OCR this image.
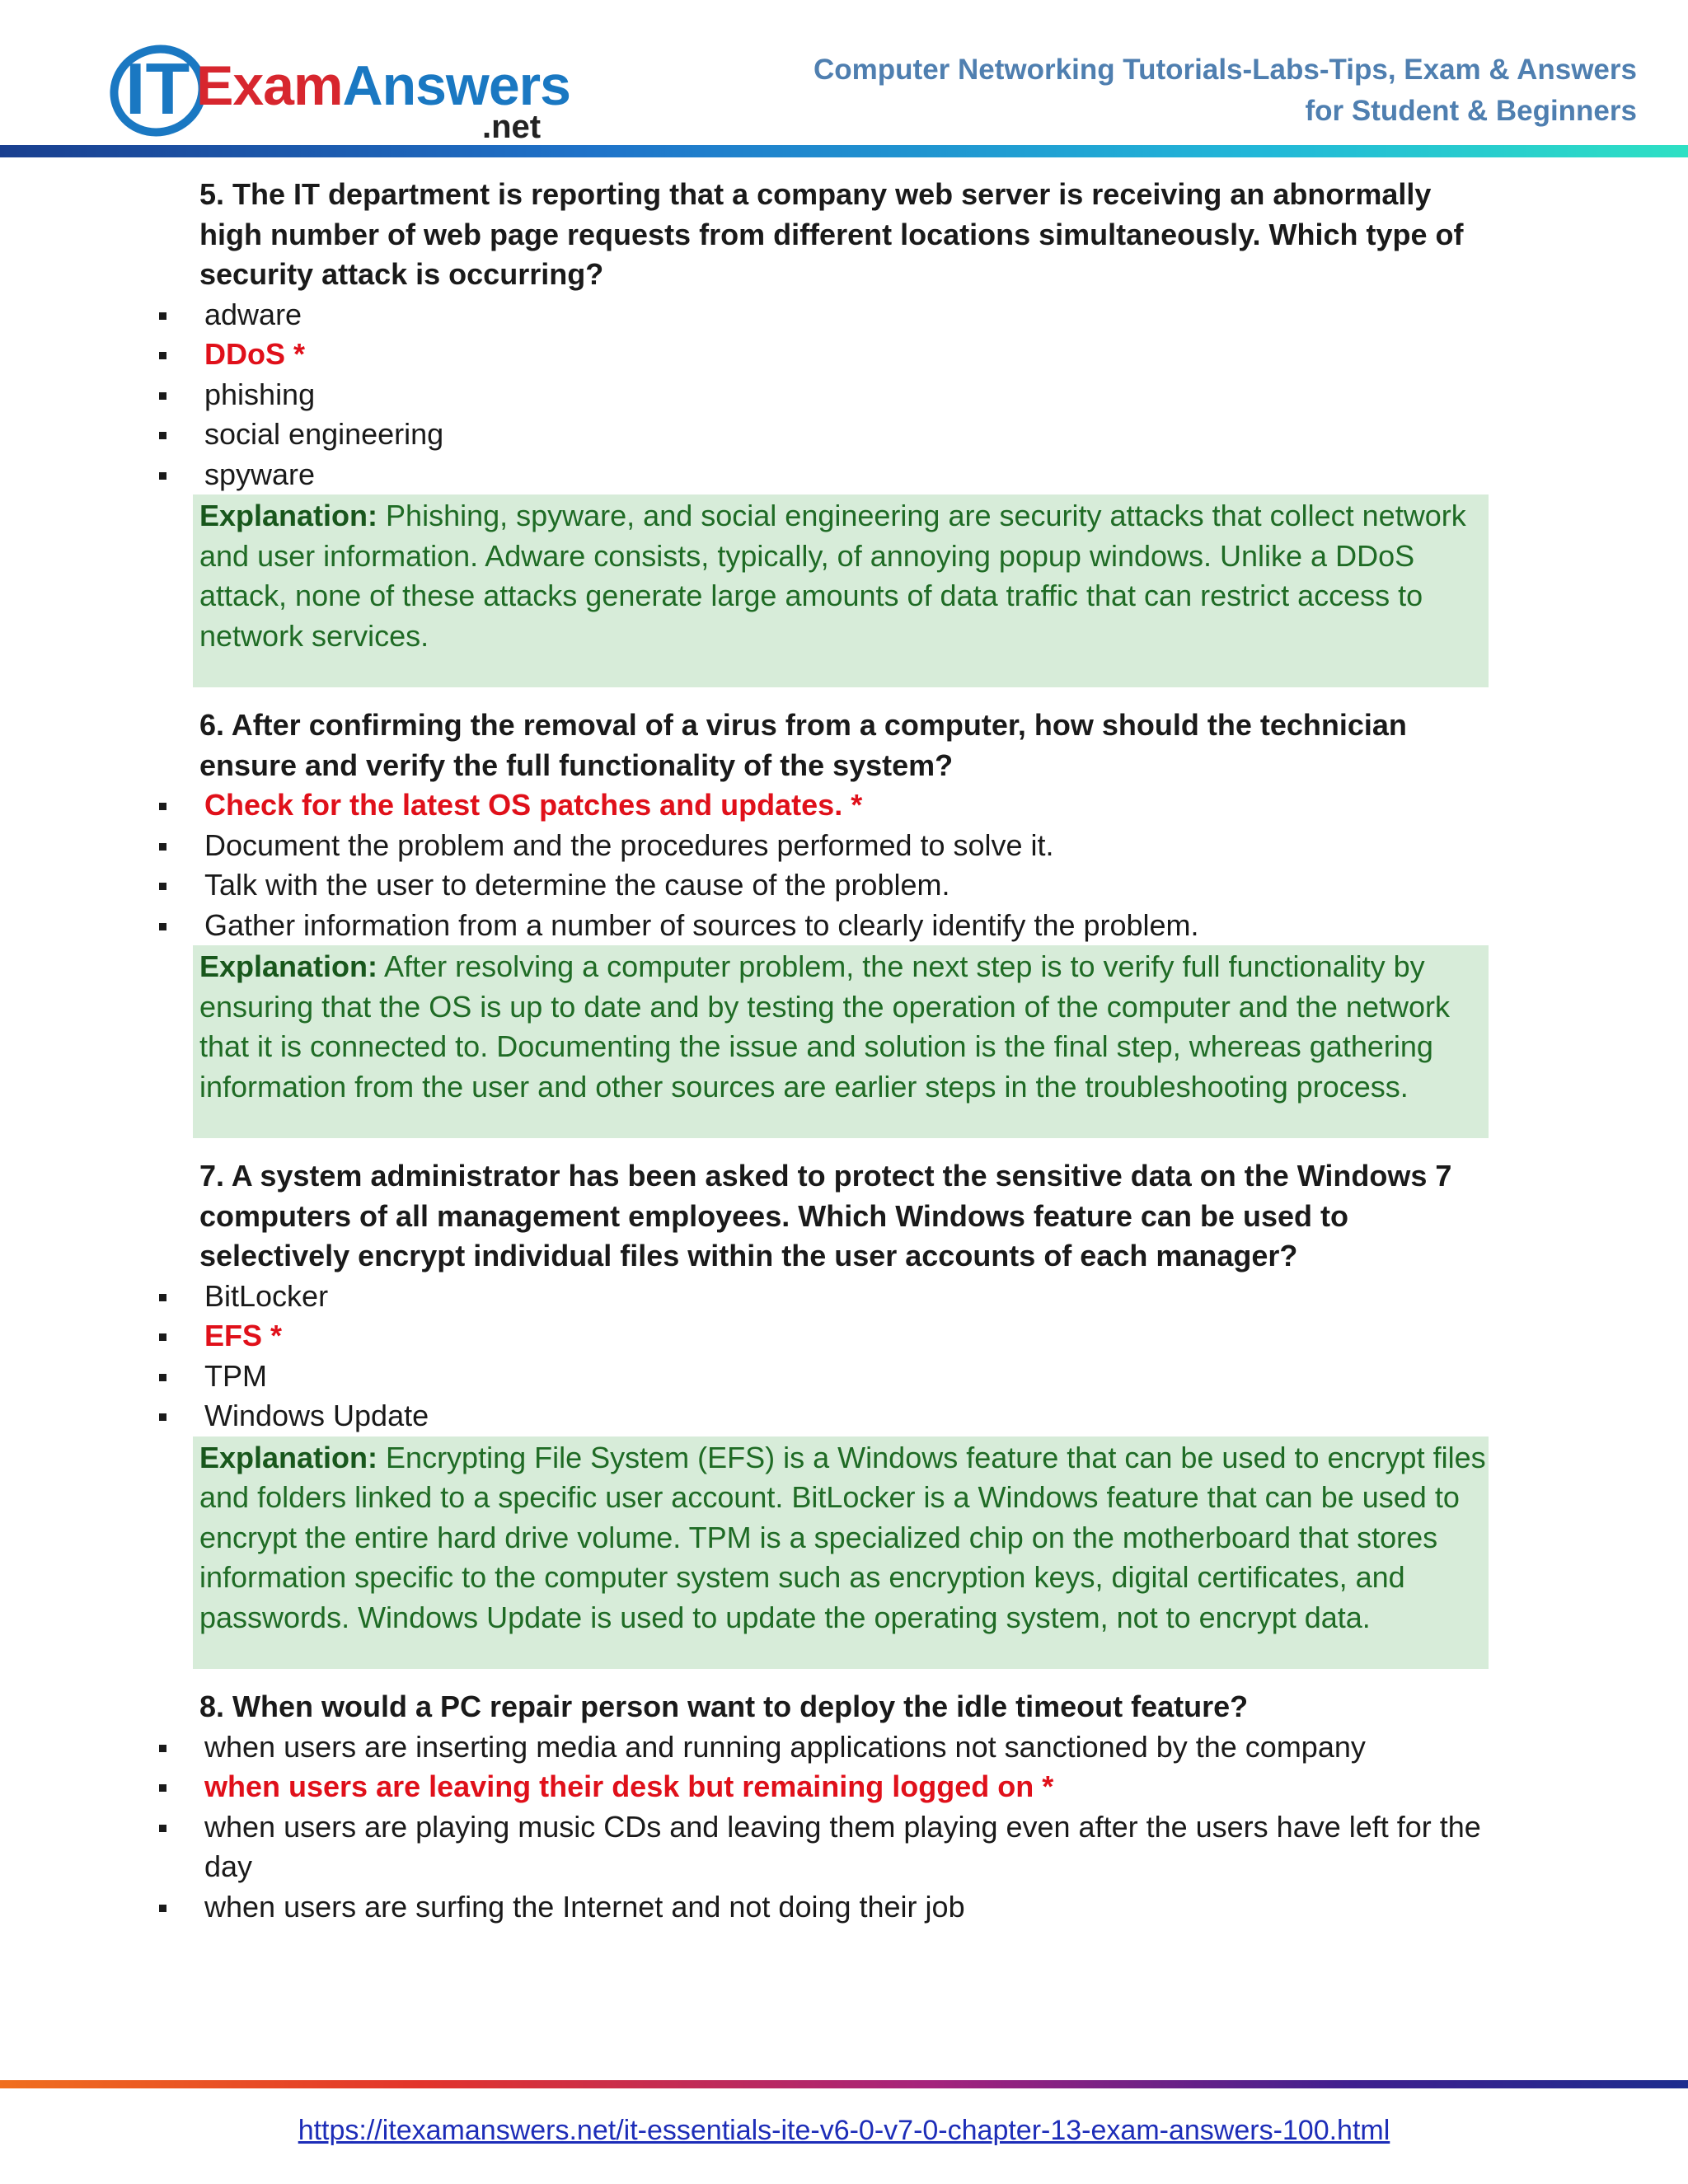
IT ExamAnswers
.net
Computer Networking Tutorials-Labs-Tips, Exam & Answers
for Student & Beginners
5. The IT department is reporting that a company web server is receiving an abnormally high number of web page requests from different locations simultaneously. Which type of security attack is occurring?
adware
DDoS *
phishing
social engineering
spyware
Explanation: Phishing, spyware, and social engineering are security attacks that collect network and user information. Adware consists, typically, of annoying popup windows. Unlike a DDoS attack, none of these attacks generate large amounts of data traffic that can restrict access to network services.
6. After confirming the removal of a virus from a computer, how should the technician ensure and verify the full functionality of the system?
Check for the latest OS patches and updates. *
Document the problem and the procedures performed to solve it.
Talk with the user to determine the cause of the problem.
Gather information from a number of sources to clearly identify the problem.
Explanation: After resolving a computer problem, the next step is to verify full functionality by ensuring that the OS is up to date and by testing the operation of the computer and the network that it is connected to. Documenting the issue and solution is the final step, whereas gathering information from the user and other sources are earlier steps in the troubleshooting process.
7. A system administrator has been asked to protect the sensitive data on the Windows 7 computers of all management employees. Which Windows feature can be used to selectively encrypt individual files within the user accounts of each manager?
BitLocker
EFS *
TPM
Windows Update
Explanation: Encrypting File System (EFS) is a Windows feature that can be used to encrypt files and folders linked to a specific user account. BitLocker is a Windows feature that can be used to encrypt the entire hard drive volume. TPM is a specialized chip on the motherboard that stores information specific to the computer system such as encryption keys, digital certificates, and passwords. Windows Update is used to update the operating system, not to encrypt data.
8. When would a PC repair person want to deploy the idle timeout feature?
when users are inserting media and running applications not sanctioned by the company
when users are leaving their desk but remaining logged on *
when users are playing music CDs and leaving them playing even after the users have left for the day
when users are surfing the Internet and not doing their job
https://itexamanswers.net/it-essentials-ite-v6-0-v7-0-chapter-13-exam-answers-100.html
